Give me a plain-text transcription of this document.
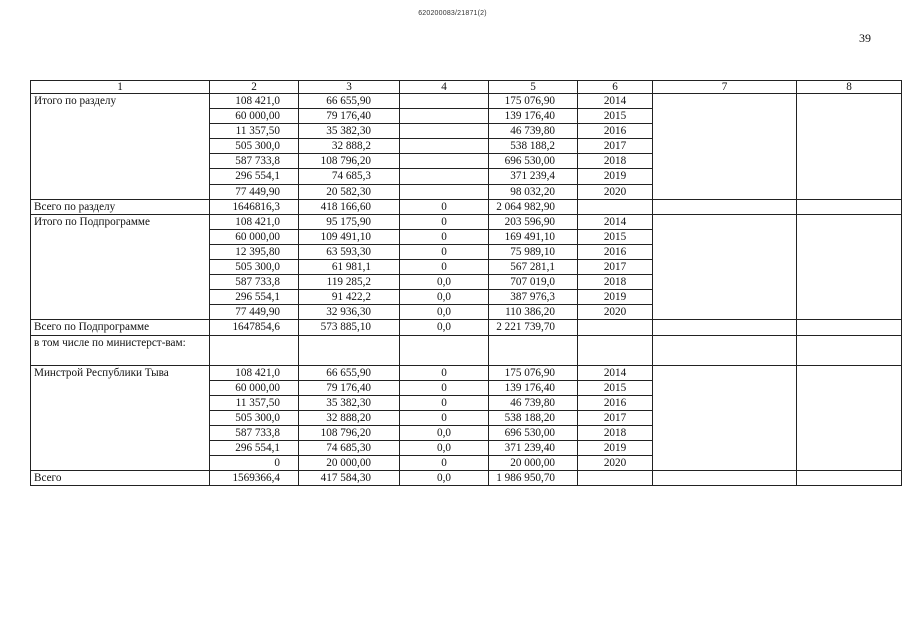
620200083/21871(2)
39
1	2	3	4	5	6	7	8
Итого по разделу	108 421,0	66 655,90		175 076,90	2014		
	60 000,00	79 176,40		139 176,40	2015		
	11 357,50	35 382,30		46 739,80	2016		
	505 300,0	32 888,2		538 188,2	2017		
	587 733,8	108 796,20		696 530,00	2018		
	296 554,1	74 685,3		371 239,4	2019		
	77 449,90	20 582,30		98 032,20	2020		
Всего по разделу	1646816,3	418 166,60	0	2 064 982,90			
Итого по Подпрограмме	108 421,0	95 175,90	0	203 596,90	2014		
	60 000,00	109 491,10	0	169 491,10	2015		
	12 395,80	63 593,30	0	75 989,10	2016		
	505 300,0	61 981,1	0	567 281,1	2017		
	587 733,8	119 285,2	0,0	707 019,0	2018		
	296 554,1	91 422,2	0,0	387 976,3	2019		
	77 449,90	32 936,30	0,0	110 386,20	2020		
Всего по Подпрограмме	1647854,6	573 885,10	0,0	2 221 739,70			
в том числе по министерст-вам:							
Минстрой Республики Тыва	108 421,0	66 655,90	0	175 076,90	2014		
	60 000,00	79 176,40	0	139 176,40	2015		
	11 357,50	35 382,30	0	46 739,80	2016		
	505 300,0	32 888,20	0	538 188,20	2017		
	587 733,8	108 796,20	0,0	696 530,00	2018		
	296 554,1	74 685,30	0,0	371 239,40	2019		
	0	20 000,00	0	20 000,00	2020		
Всего	1569366,4	417 584,30	0,0	1 986 950,70			
